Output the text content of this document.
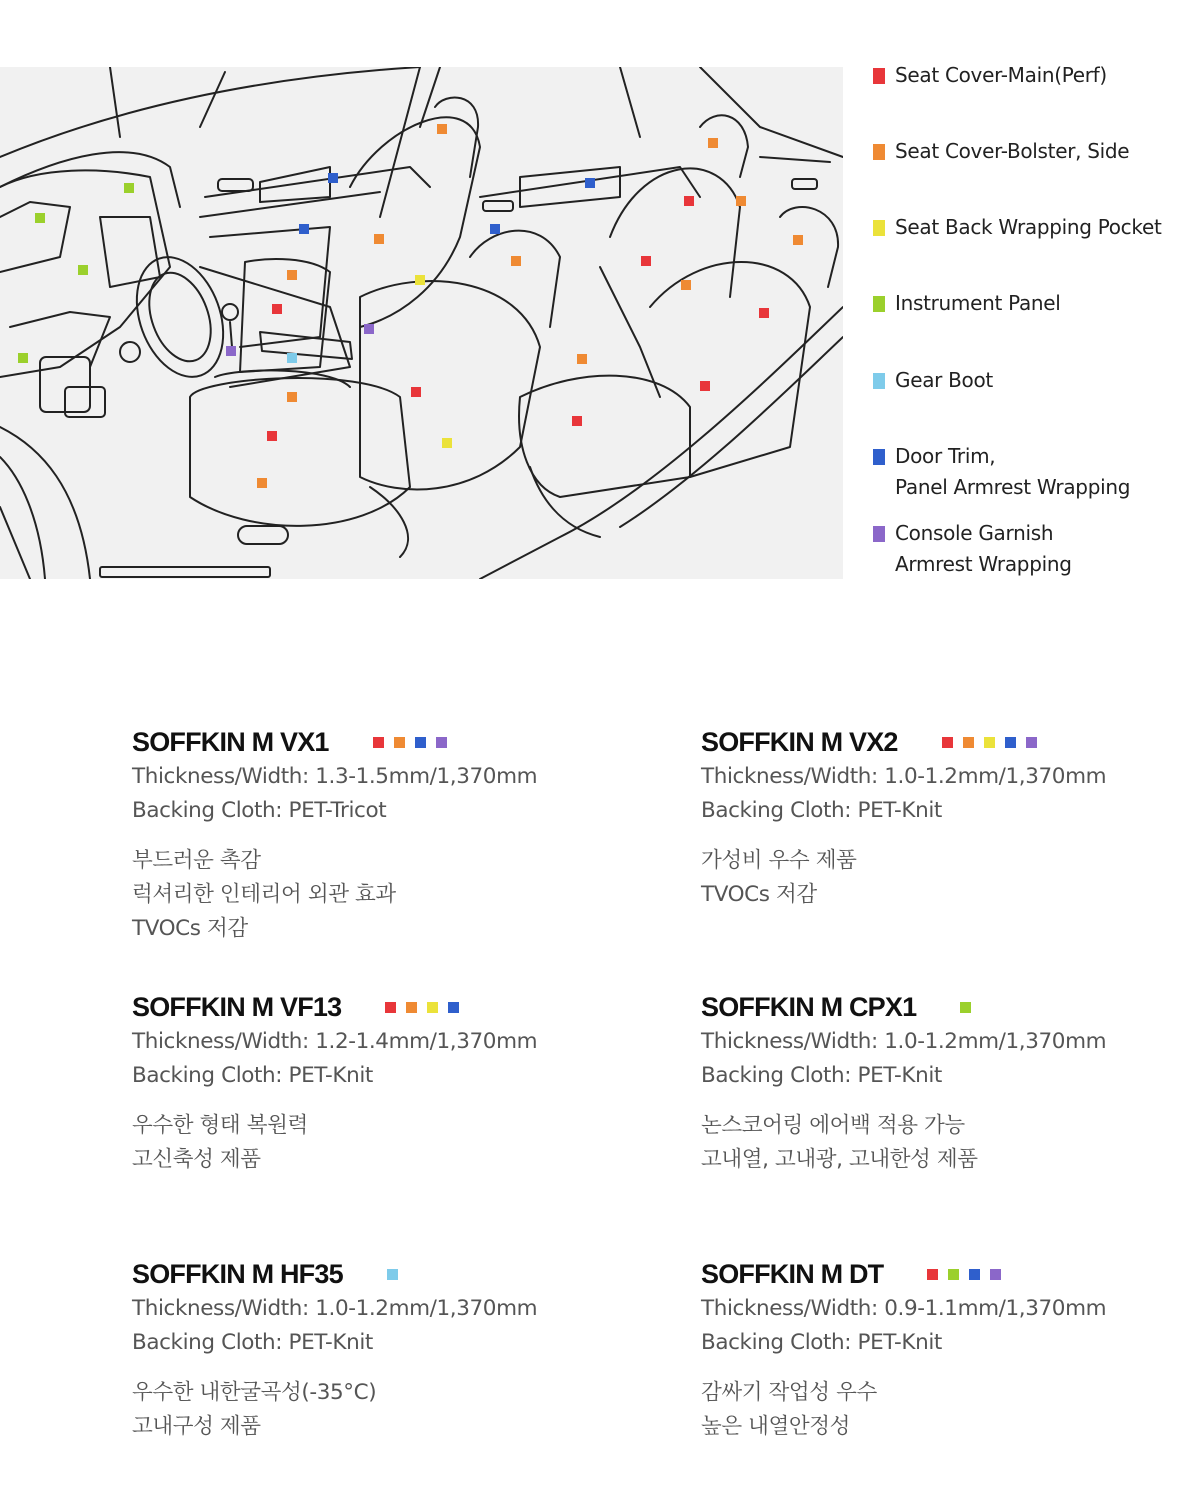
Seat Cover-Main(Perf)
Seat Cover-Bolster, Side
Seat Back Wrapping Pocket
Instrument Panel
Gear Boot
Door Trim,
Panel Armrest Wrapping
Console Garnish
Armrest Wrapping
SOFFKIN M VX1
Thickness/Width: 1.3-1.5mm/1,370mm
Backing Cloth: PET-Tricot
부드러운 촉감
럭셔리한 인테리어 외관 효과
TVOCs 저감
SOFFKIN M VX2
Thickness/Width: 1.0-1.2mm/1,370mm
Backing Cloth: PET-Knit
가성비 우수 제품
TVOCs 저감
SOFFKIN M VF13
Thickness/Width: 1.2-1.4mm/1,370mm
Backing Cloth: PET-Knit
우수한 형태 복원력
고신축성 제품
SOFFKIN M CPX1
Thickness/Width: 1.0-1.2mm/1,370mm
Backing Cloth: PET-Knit
논스코어링 에어백 적용 가능
고내열, 고내광, 고내한성 제품
SOFFKIN M HF35
Thickness/Width: 1.0-1.2mm/1,370mm
Backing Cloth: PET-Knit
우수한 내한굴곡성(-35°C)
고내구성 제품
SOFFKIN M DT
Thickness/Width: 0.9-1.1mm/1,370mm
Backing Cloth: PET-Knit
감싸기 작업성 우수
높은 내열안정성
